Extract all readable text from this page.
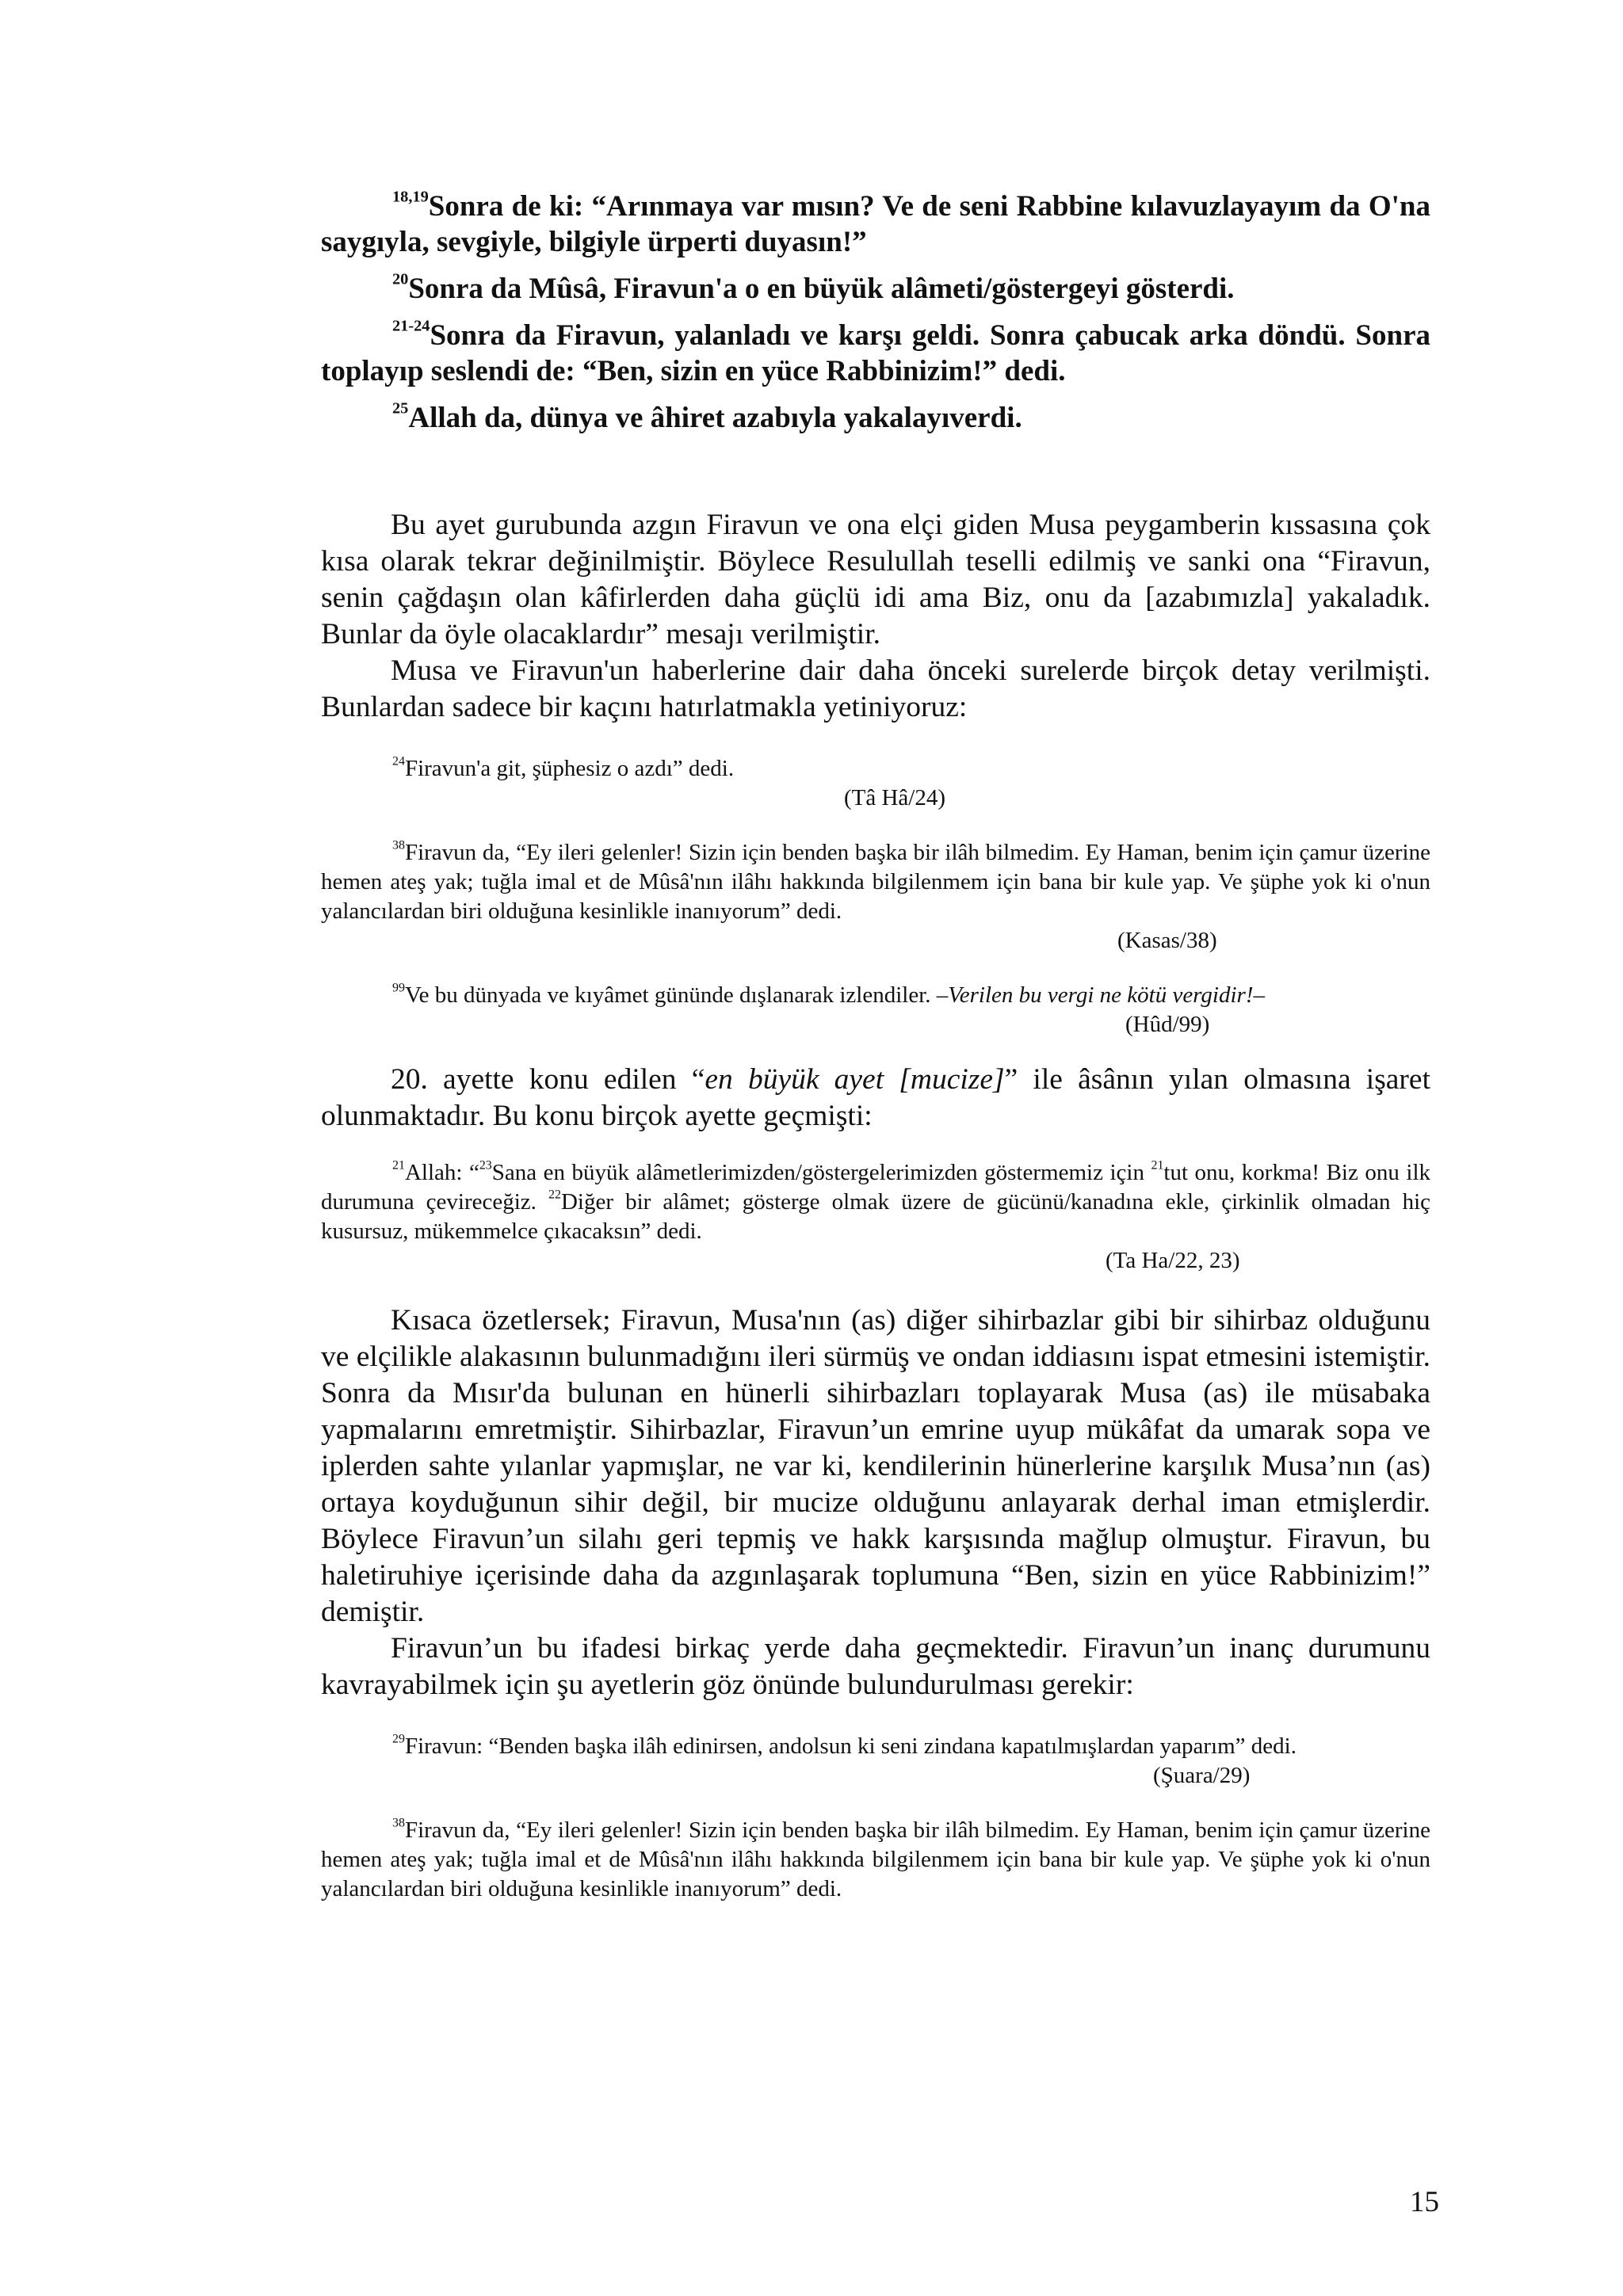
$^{18,19}$Sonra de ki: “Arınmaya var mısın? Ve de seni Rabbine kılavuzlayayım da O'na saygıyla, sevgiyle, bilgiyle ürperti duyasın!”

$^{20}$Sonra da Mûsâ, Firavun'a o en büyük alâmeti/göstergeyi gösterdi.

$^{21-24}$Sonra da Firavun, yalanladı ve karşı geldi. Sonra çabucak arka döndü. Sonra toplayıp seslendi de: “Ben, sizin en yüce Rabbinizim!” dedi.

$^{25}$Allah da, dünya ve âhiret azabıyla yakalayıverdi.

Bu ayet gurubunda azgın Firavun ve ona elçi giden Musa peygamberin kıssasına çok kısa olarak tekrar değinilmiştir. Böylece Resulullah teselli edilmiş ve sanki ona “Firavun, senin çağdaşın olan kâfirlerden daha güçlü idi ama Biz, onu da [azabımızla] yakaladık. Bunlar da öyle olacaklardır” mesajı verilmiştir.

Musa ve Firavun'un haberlerine dair daha önceki surelerde birçok detay verilmişti. Bunlardan sadece bir kaçını hatırlatmakla yetiniyoruz:

$^{24}$Firavun'a git, şüphesiz o azdı” dedi.

(Tâ Hâ/24)

$^{38}$Firavun da, “Ey ileri gelenler! Sizin için benden başka bir ilâh bilmedim. Ey Haman, benim için çamur üzerine hemen ateş yak; tuğla imal et de Mûsâ'nın ilâhı hakkında bilgilenmem için bana bir kule yap. Ve şüphe yok ki o'nun yalancılardan biri olduğuna kesinlikle inanıyorum” dedi.

(Kasas/38)

$^{99}$Ve bu dünyada ve kıyâmet gününde dışlanarak izlendiler. –Verilen bu vergi ne kötü vergidir!–

(Hûd/99)

20. ayette konu edilen “en büyük ayet [mucize]” ile âsânın yılan olmasına işaret olunmaktadır. Bu konu birçok ayette geçmişti:

$^{21}$Allah: “$^{23}$Sana en büyük alâmetlerimizden/göstergelerimizden göstermemiz için $^{21}$tut onu, korkma! Biz onu ilk durumuna çevireceğiz. $^{22}$Diğer bir alâmet; gösterge olmak üzere de gücünü/kanadına ekle, çirkinlik olmadan hiç kusursuz, mükemmelce çıkacaksın” dedi.

(Ta Ha/22, 23)

Kısaca özetlersek; Firavun, Musa'nın (as) diğer sihirbazlar gibi bir sihirbaz olduğunu ve elçilikle alakasının bulunmadığını ileri sürmüş ve ondan iddiasını ispat etmesini istemiştir. Sonra da Mısır'da bulunan en hünerli sihirbazları toplayarak Musa (as) ile müsabaka yapmalarını emretmiştir. Sihirbazlar, Firavun’un emrine uyup mükâfat da umarak sopa ve iplerden sahte yılanlar yapmışlar, ne var ki, kendilerinin hünerlerine karşılık Musa’nın (as) ortaya koyduğunun sihir değil, bir mucize olduğunu anlayarak derhal iman etmişlerdir. Böylece Firavun’un silahı geri tepmiş ve hakk karşısında mağlup olmuştur. Firavun, bu haletiruhiye içerisinde daha da azgınlaşarak toplumuna “Ben, sizin en yüce Rabbinizim!” demiştir.

Firavun’un bu ifadesi birkaç yerde daha geçmektedir. Firavun’un inanç durumunu kavrayabilmek için şu ayetlerin göz önünde bulundurulması gerekir:

$^{29}$Firavun: “Benden başka ilâh edinirsen, andolsun ki seni zindana kapatılmışlardan yaparım” dedi.

(Şuara/29)

$^{38}$Firavun da, “Ey ileri gelenler! Sizin için benden başka bir ilâh bilmedim. Ey Haman, benim için çamur üzerine hemen ateş yak; tuğla imal et de Mûsâ'nın ilâhı hakkında bilgilenmem için bana bir kule yap. Ve şüphe yok ki o'nun yalancılardan biri olduğuna kesinlikle inanıyorum” dedi.

15
